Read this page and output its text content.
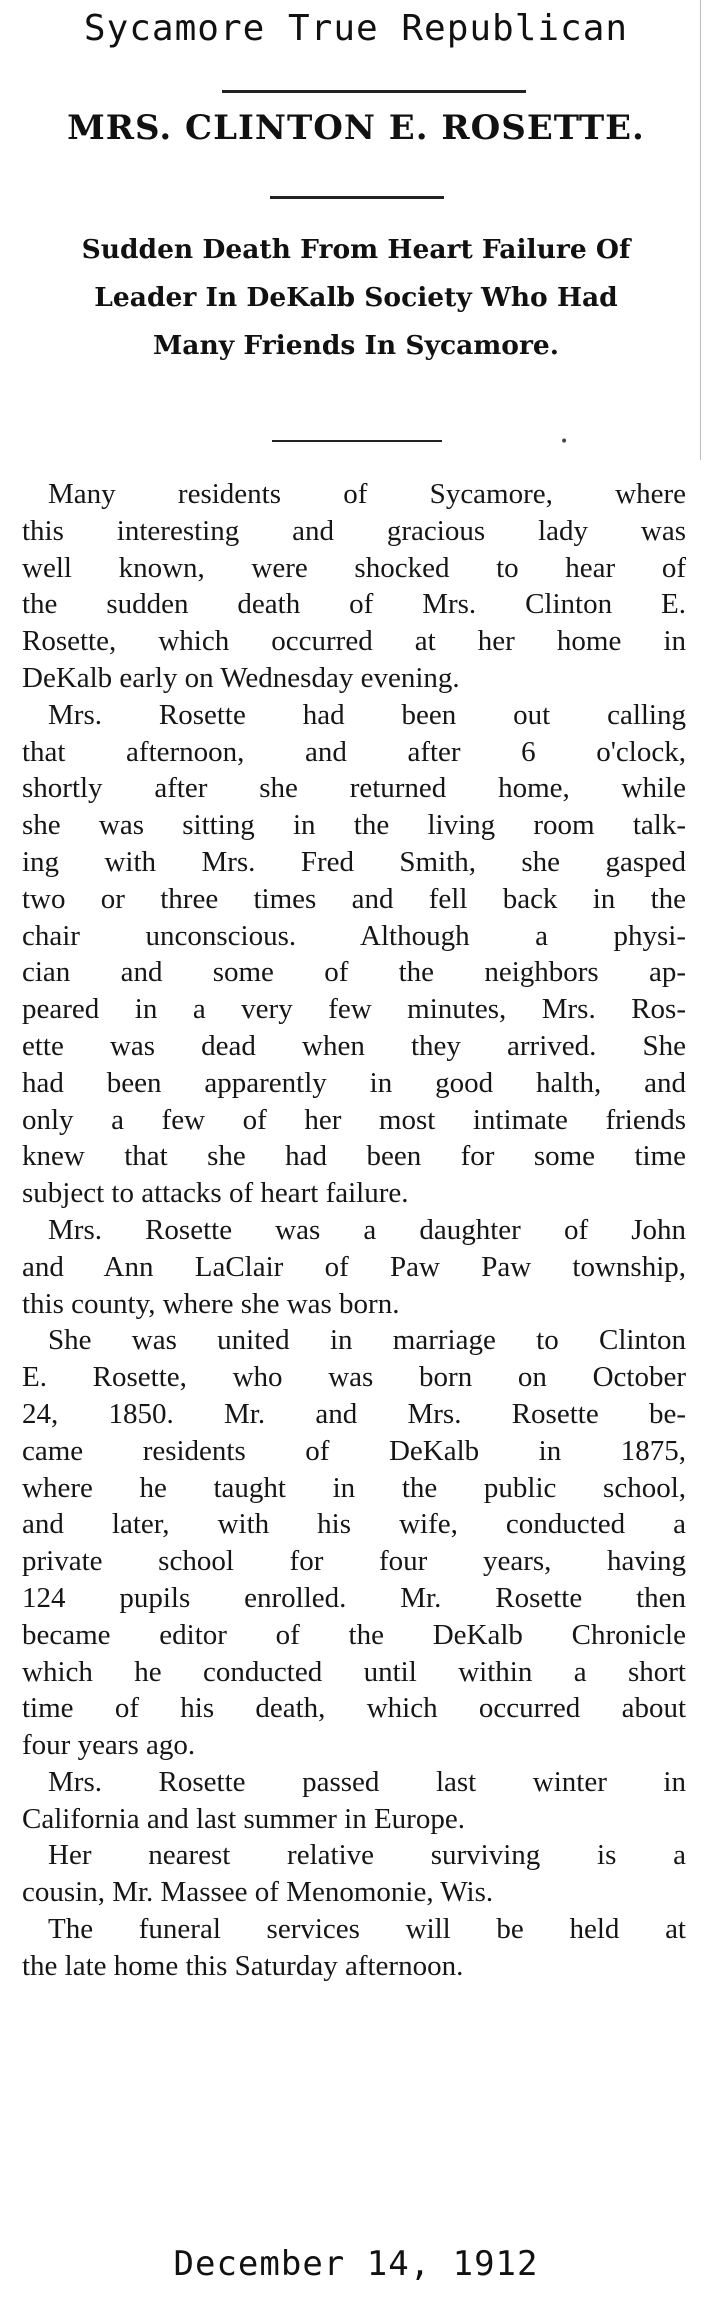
Sycamore True Republican
MRS. CLINTON E. ROSETTE.
Sudden Death From Heart Failure Of
Leader In DeKalb Society Who Had
Many Friends In Sycamore.
•
Many residents of Sycamore, where
this interesting and gracious lady was
well known, were shocked to hear of
the sudden death of Mrs. Clinton E.
Rosette, which occurred at her home in
DeKalb early on Wednesday evening.
Mrs. Rosette had been out calling
that afternoon, and after 6 o'clock,
shortly after she returned home, while
she was sitting in the living room talk-
ing with Mrs. Fred Smith, she gasped
two or three times and fell back in the
chair unconscious. Although a physi-
cian and some of the neighbors ap-
peared in a very few minutes, Mrs. Ros-
ette was dead when they arrived. She
had been apparently in good halth, and
only a few of her most intimate friends
knew that she had been for some time
subject to attacks of heart failure.
Mrs. Rosette was a daughter of John
and Ann LaClair of Paw Paw township,
this county, where she was born.
She was united in marriage to Clinton
E. Rosette, who was born on October
24, 1850. Mr. and Mrs. Rosette be-
came residents of DeKalb in 1875,
where he taught in the public school,
and later, with his wife, conducted a
private school for four years, having
124 pupils enrolled. Mr. Rosette then
became editor of the DeKalb Chronicle
which he conducted until within a short
time of his death, which occurred about
four years ago.
Mrs. Rosette passed last winter in
California and last summer in Europe.
Her nearest relative surviving is a
cousin, Mr. Massee of Menomonie, Wis.
The funeral services will be held at
the late home this Saturday afternoon.
December 14, 1912
